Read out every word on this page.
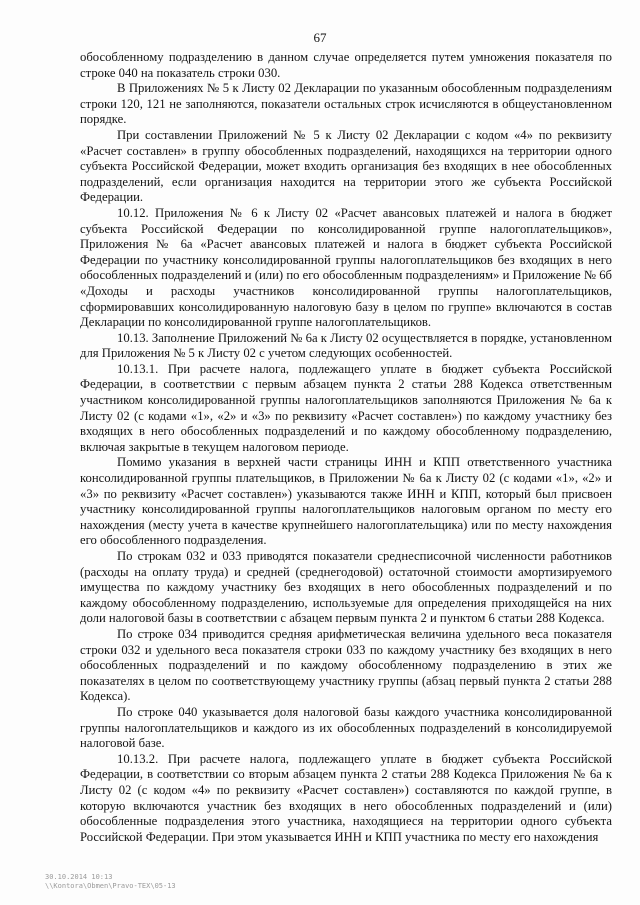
67

обособленному подразделению в данном случае определяется путем умножения показателя по строке 040 на показатель строки 030.

В Приложениях № 5 к Листу 02 Декларации по указанным обособленным подразделениям строки 120, 121 не заполняются, показатели остальных строк исчисляются в общеустановленном порядке.

При составлении Приложений № 5 к Листу 02 Декларации с кодом «4» по реквизиту «Расчет составлен» в группу обособленных подразделений, находящихся на территории одного субъекта Российской Федерации, может входить организация без входящих в нее обособленных подразделений, если организация находится на территории этого же субъекта Российской Федерации.

10.12. Приложения № 6 к Листу 02 «Расчет авансовых платежей и налога в бюджет субъекта Российской Федерации по консолидированной группе налогоплательщиков», Приложения № 6а «Расчет авансовых платежей и налога в бюджет субъекта Российской Федерации по участнику консолидированной группы налогоплательщиков без входящих в него обособленных подразделений и (или) по его обособленным подразделениям» и Приложение № 6б «Доходы и расходы участников консолидированной группы налогоплательщиков, сформировавших консолидированную налоговую базу в целом по группе» включаются в состав Декларации по консолидированной группе налогоплательщиков.

10.13. Заполнение Приложений № 6а к Листу 02 осуществляется в порядке, установленном для Приложения № 5 к Листу 02 с учетом следующих особенностей.

10.13.1. При расчете налога, подлежащего уплате в бюджет субъекта Российской Федерации, в соответствии с первым абзацем пункта 2 статьи 288 Кодекса ответственным участником консолидированной группы налогоплательщиков заполняются Приложения № 6а к Листу 02 (с кодами «1», «2» и «3» по реквизиту «Расчет составлен») по каждому участнику без входящих в него обособленных подразделений и по каждому обособленному подразделению, включая закрытые в текущем налоговом периоде.

Помимо указания в верхней части страницы ИНН и КПП ответственного участника консолидированной группы плательщиков, в Приложении № 6а к Листу 02 (с кодами «1», «2» и «3» по реквизиту «Расчет составлен») указываются также ИНН и КПП, который был присвоен участнику консолидированной группы налогоплательщиков налоговым органом по месту его нахождения (месту учета в качестве крупнейшего налогоплательщика) или по месту нахождения его обособленного подразделения.

По строкам 032 и 033 приводятся показатели среднесписочной численности работников (расходы на оплату труда) и средней (среднегодовой) остаточной стоимости амортизируемого имущества по каждому участнику без входящих в него обособленных подразделений и по каждому обособленному подразделению, используемые для определения приходящейся на них доли налоговой базы в соответствии с абзацем первым пункта 2 и пунктом 6 статьи 288 Кодекса.

По строке 034 приводится средняя арифметическая величина удельного веса показателя строки 032 и удельного веса показателя строки 033 по каждому участнику без входящих в него обособленных подразделений и по каждому обособленному подразделению в этих же показателях в целом по соответствующему участнику группы (абзац первый пункта 2 статьи 288 Кодекса).

По строке 040 указывается доля налоговой базы каждого участника консолидированной группы налогоплательщиков и каждого из их обособленных подразделений в консолидируемой налоговой базе.

10.13.2. При расчете налога, подлежащего уплате в бюджет субъекта Российской Федерации, в соответствии со вторым абзацем пункта 2 статьи 288 Кодекса Приложения № 6а к Листу 02 (с кодом «4» по реквизиту «Расчет составлен») составляются по каждой группе, в которую включаются участник без входящих в него обособленных подразделений и (или) обособленные подразделения этого участника, находящиеся на территории одного субъекта Российской Федерации. При этом указывается ИНН и КПП участника по месту его нахождения

30.10.2014 10:13
\\Kontora\Obmen\Pravo-ТЕХ\05-13
